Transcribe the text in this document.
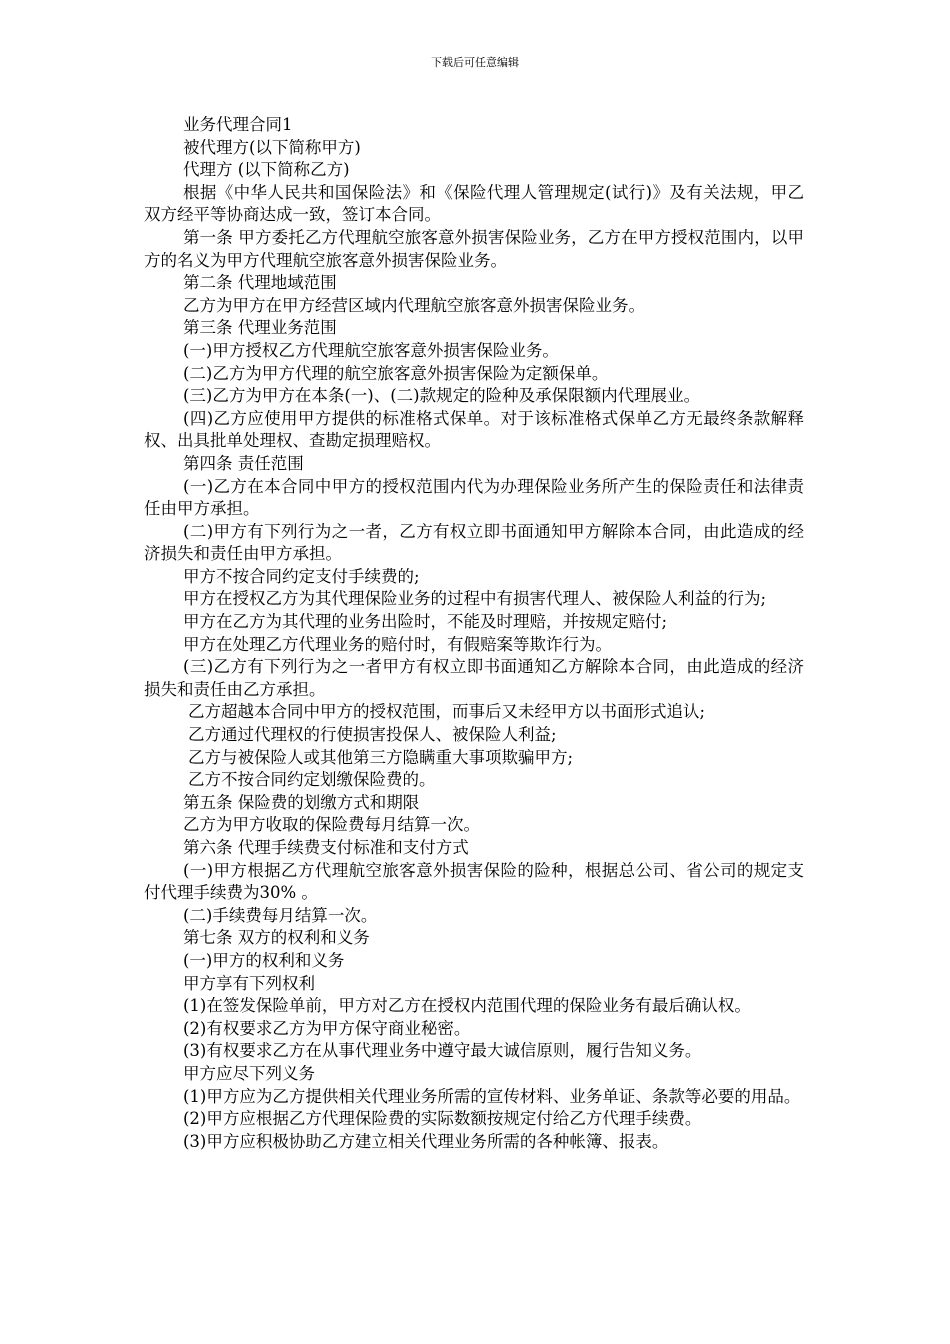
下载后可任意编辑

业务代理合同1

被代理方(以下简称甲方)

代理方 (以下简称乙方)

根据《中华人民共和国保险法》和《保险代理人管理规定(试行)》及有关法规，甲乙双方经平等协商达成一致，签订本合同。

第一条 甲方委托乙方代理航空旅客意外损害保险业务，乙方在甲方授权范围内，以甲方的名义为甲方代理航空旅客意外损害保险业务。

第二条 代理地域范围

乙方为甲方在甲方经营区域内代理航空旅客意外损害保险业务。

第三条 代理业务范围

(一)甲方授权乙方代理航空旅客意外损害保险业务。

(二)乙方为甲方代理的航空旅客意外损害保险为定额保单。

(三)乙方为甲方在本条(一)、(二)款规定的险种及承保限额内代理展业。

(四)乙方应使用甲方提供的标准格式保单。对于该标准格式保单乙方无最终条款解释权、出具批单处理权、查勘定损理赔权。

第四条 责任范围

(一)乙方在本合同中甲方的授权范围内代为办理保险业务所产生的保险责任和法律责任由甲方承担。

(二)甲方有下列行为之一者，乙方有权立即书面通知甲方解除本合同，由此造成的经济损失和责任由甲方承担。

甲方不按合同约定支付手续费的;

甲方在授权乙方为其代理保险业务的过程中有损害代理人、被保险人利益的行为;

甲方在乙方为其代理的业务出险时，不能及时理赔，并按规定赔付;

甲方在处理乙方代理业务的赔付时，有假赔案等欺诈行为。

(三)乙方有下列行为之一者甲方有权立即书面通知乙方解除本合同，由此造成的经济损失和责任由乙方承担。

乙方超越本合同中甲方的授权范围，而事后又未经甲方以书面形式追认;

乙方通过代理权的行使损害投保人、被保险人利益;

乙方与被保险人或其他第三方隐瞒重大事项欺骗甲方;

乙方不按合同约定划缴保险费的。

第五条 保险费的划缴方式和期限

乙方为甲方收取的保险费每月结算一次。

第六条 代理手续费支付标准和支付方式

(一)甲方根据乙方代理航空旅客意外损害保险的险种，根据总公司、省公司的规定支付代理手续费为30% 。

(二)手续费每月结算一次。

第七条 双方的权利和义务

(一)甲方的权利和义务

甲方享有下列权利

(1)在签发保险单前，甲方对乙方在授权内范围代理的保险业务有最后确认权。

(2)有权要求乙方为甲方保守商业秘密。

(3)有权要求乙方在从事代理业务中遵守最大诚信原则，履行告知义务。

甲方应尽下列义务

(1)甲方应为乙方提供相关代理业务所需的宣传材料、业务单证、条款等必要的用品。

(2)甲方应根据乙方代理保险费的实际数额按规定付给乙方代理手续费。

(3)甲方应积极协助乙方建立相关代理业务所需的各种帐簿、报表。
